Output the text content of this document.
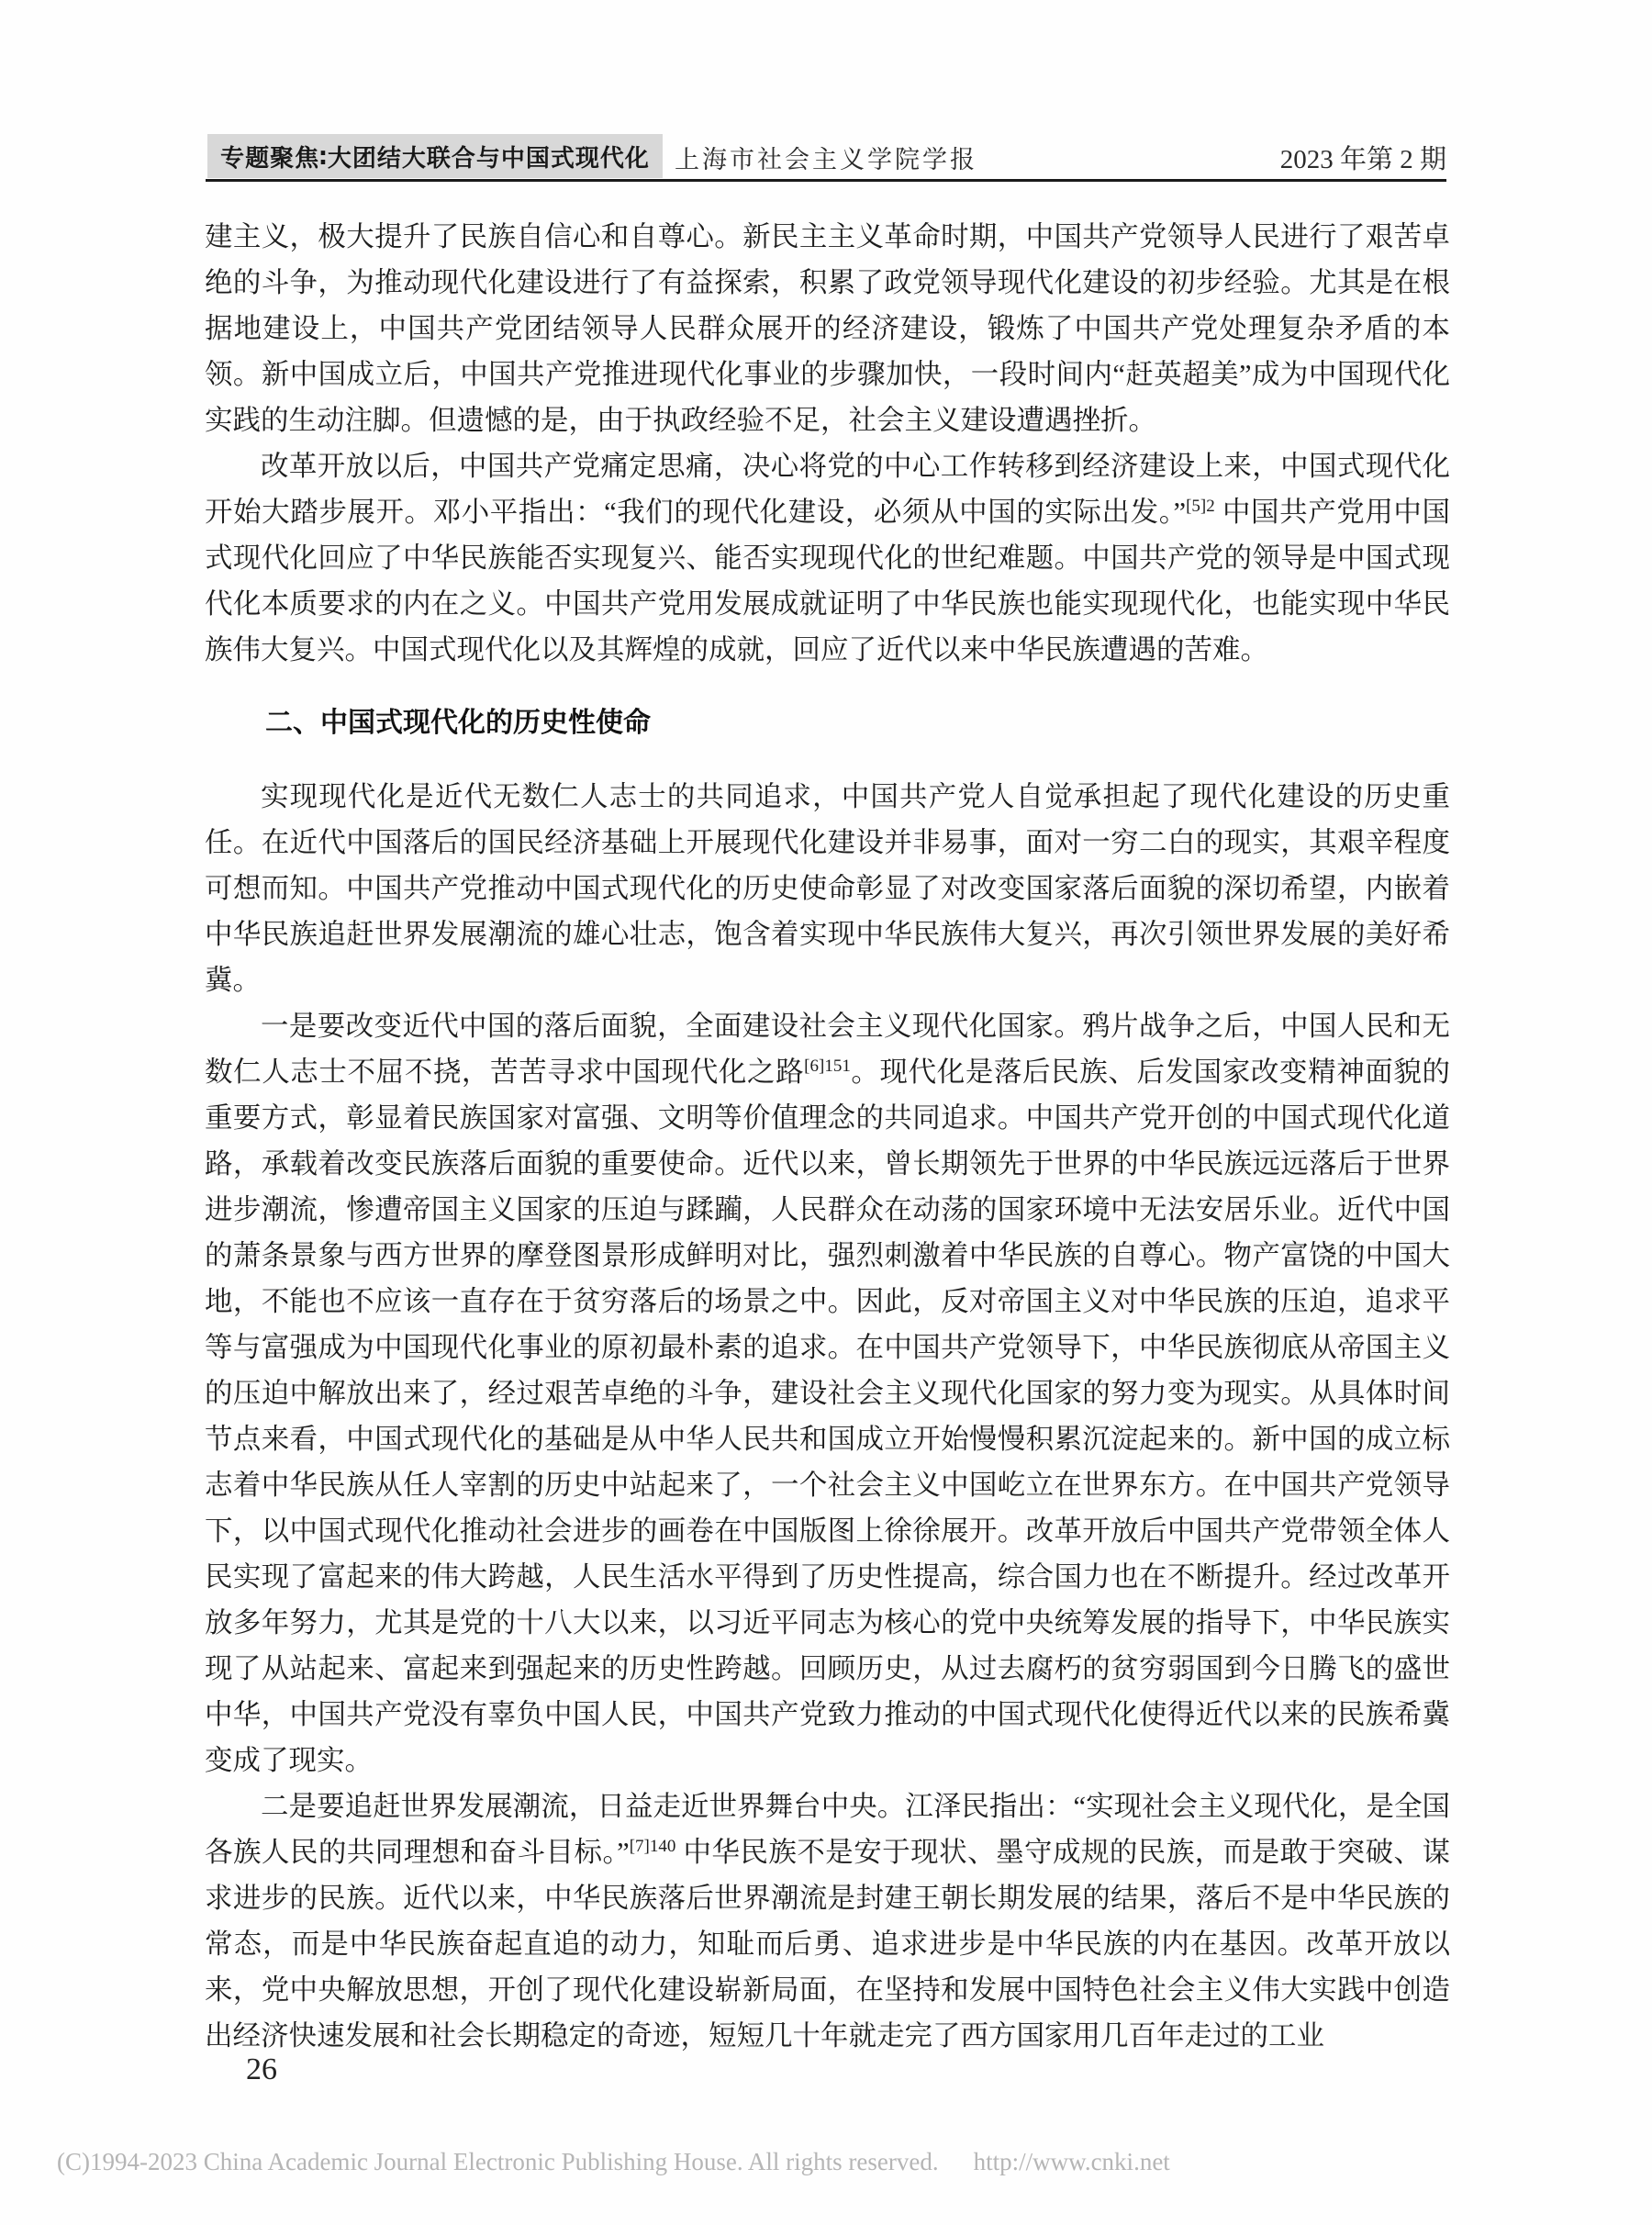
专题聚焦∶大团结大联合与中国式现代化	上海市社会主义学院学报	2023 年第 2 期

建主义，极大提升了民族自信心和自尊心。新民主主义革命时期，中国共产党领导人民进行了艰苦卓绝的斗争，为推动现代化建设进行了有益探索，积累了政党领导现代化建设的初步经验。尤其是在根据地建设上，中国共产党团结领导人民群众展开的经济建设，锻炼了中国共产党处理复杂矛盾的本领。新中国成立后，中国共产党推进现代化事业的步骤加快，一段时间内“赶英超美”成为中国现代化实践的生动注脚。但遗憾的是，由于执政经验不足，社会主义建设遭遇挫折。

改革开放以后，中国共产党痛定思痛，决心将党的中心工作转移到经济建设上来，中国式现代化开始大踏步展开。邓小平指出：“我们的现代化建设，必须从中国的实际出发。”$^{[5]2}$ 中国共产党用中国式现代化回应了中华民族能否实现复兴、能否实现现代化的世纪难题。中国共产党的领导是中国式现代化本质要求的内在之义。中国共产党用发展成就证明了中华民族也能实现现代化，也能实现中华民族伟大复兴。中国式现代化以及其辉煌的成就，回应了近代以来中华民族遭遇的苦难。

二、中国式现代化的历史性使命

实现现代化是近代无数仁人志士的共同追求，中国共产党人自觉承担起了现代化建设的历史重任。在近代中国落后的国民经济基础上开展现代化建设并非易事，面对一穷二白的现实，其艰辛程度可想而知。中国共产党推动中国式现代化的历史使命彰显了对改变国家落后面貌的深切希望，内嵌着中华民族追赶世界发展潮流的雄心壮志，饱含着实现中华民族伟大复兴，再次引领世界发展的美好希冀。

一是要改变近代中国的落后面貌，全面建设社会主义现代化国家。鸦片战争之后，中国人民和无数仁人志士不屈不挠，苦苦寻求中国现代化之路$^{[6]151}$。现代化是落后民族、后发国家改变精神面貌的重要方式，彰显着民族国家对富强、文明等价值理念的共同追求。中国共产党开创的中国式现代化道路，承载着改变民族落后面貌的重要使命。近代以来，曾长期领先于世界的中华民族远远落后于世界进步潮流，惨遭帝国主义国家的压迫与蹂躏，人民群众在动荡的国家环境中无法安居乐业。近代中国的萧条景象与西方世界的摩登图景形成鲜明对比，强烈刺激着中华民族的自尊心。物产富饶的中国大地，不能也不应该一直存在于贫穷落后的场景之中。因此，反对帝国主义对中华民族的压迫，追求平等与富强成为中国现代化事业的原初最朴素的追求。在中国共产党领导下，中华民族彻底从帝国主义的压迫中解放出来了，经过艰苦卓绝的斗争，建设社会主义现代化国家的努力变为现实。从具体时间节点来看，中国式现代化的基础是从中华人民共和国成立开始慢慢积累沉淀起来的。新中国的成立标志着中华民族从任人宰割的历史中站起来了，一个社会主义中国屹立在世界东方。在中国共产党领导下，以中国式现代化推动社会进步的画卷在中国版图上徐徐展开。改革开放后中国共产党带领全体人民实现了富起来的伟大跨越，人民生活水平得到了历史性提高，综合国力也在不断提升。经过改革开放多年努力，尤其是党的十八大以来，以习近平同志为核心的党中央统筹发展的指导下，中华民族实现了从站起来、富起来到强起来的历史性跨越。回顾历史，从过去腐朽的贫穷弱国到今日腾飞的盛世中华，中国共产党没有辜负中国人民，中国共产党致力推动的中国式现代化使得近代以来的民族希冀变成了现实。

二是要追赶世界发展潮流，日益走近世界舞台中央。江泽民指出：“实现社会主义现代化，是全国各族人民的共同理想和奋斗目标。”$^{[7]140}$ 中华民族不是安于现状、墨守成规的民族，而是敢于突破、谋求进步的民族。近代以来，中华民族落后世界潮流是封建王朝长期发展的结果，落后不是中华民族的常态，而是中华民族奋起直追的动力，知耻而后勇、追求进步是中华民族的内在基因。改革开放以来，党中央解放思想，开创了现代化建设崭新局面，在坚持和发展中国特色社会主义伟大实践中创造出经济快速发展和社会长期稳定的奇迹，短短几十年就走完了西方国家用几百年走过的工业

26
(C)1994-2023 China Academic Journal Electronic Publishing House. All rights reserved. http://www.cnki.net
